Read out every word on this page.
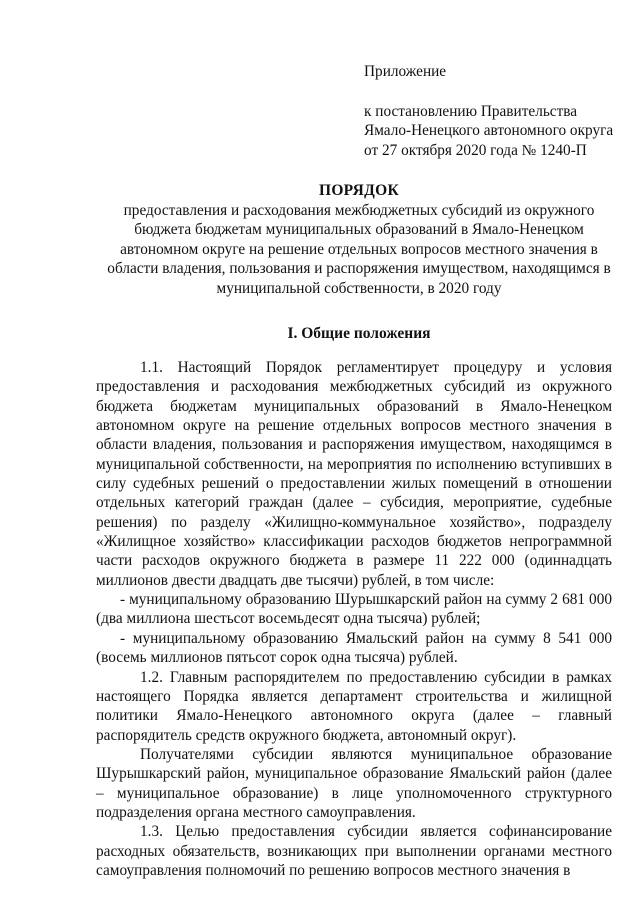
Приложение
к постановлению Правительства
Ямало-Ненецкого автономного округа
от 27 октября 2020 года № 1240-П
ПОРЯДОК
предоставления и расходования межбюджетных субсидий из окружного бюджета бюджетам муниципальных образований в Ямало-Ненецком автономном округе на решение отдельных вопросов местного значения в области владения, пользования и распоряжения имуществом, находящимся в муниципальной собственности, в 2020 году
I. Общие положения

1.1. Настоящий Порядок регламентирует процедуру и условия предоставления и расходования межбюджетных субсидий из окружного бюджета бюджетам муниципальных образований в Ямало-Ненецком автономном округе на решение отдельных вопросов местного значения в области владения, пользования и распоряжения имуществом, находящимся в муниципальной собственности, на мероприятия по исполнению вступивших в силу судебных решений о предоставлении жилых помещений в отношении отдельных категорий граждан (далее – субсидия, мероприятие, судебные решения) по разделу «Жилищно-коммунальное хозяйство», подразделу «Жилищное хозяйство» классификации расходов бюджетов непрограммной части расходов окружного бюджета в размере 11 222 000 (одиннадцать миллионов двести двадцать две тысячи) рублей, в том числе:

- муниципальному образованию Шурышкарский район на сумму 2 681 000 (два миллиона шестьсот восемьдесят одна тысяча) рублей;

- муниципальному образованию Ямальский район на сумму 8 541 000 (восемь миллионов пятьсот сорок одна тысяча) рублей.

1.2. Главным распорядителем по предоставлению субсидии в рамках настоящего Порядка является департамент строительства и жилищной политики Ямало-Ненецкого автономного округа (далее – главный распорядитель средств окружного бюджета, автономный округ).

Получателями субсидии являются муниципальное образование Шурышкарский район, муниципальное образование Ямальский район (далее – муниципальное образование) в лице уполномоченного структурного подразделения органа местного самоуправления.

1.3. Целью предоставления субсидии является софинансирование расходных обязательств, возникающих при выполнении органами местного самоуправления полномочий по решению вопросов местного значения в
